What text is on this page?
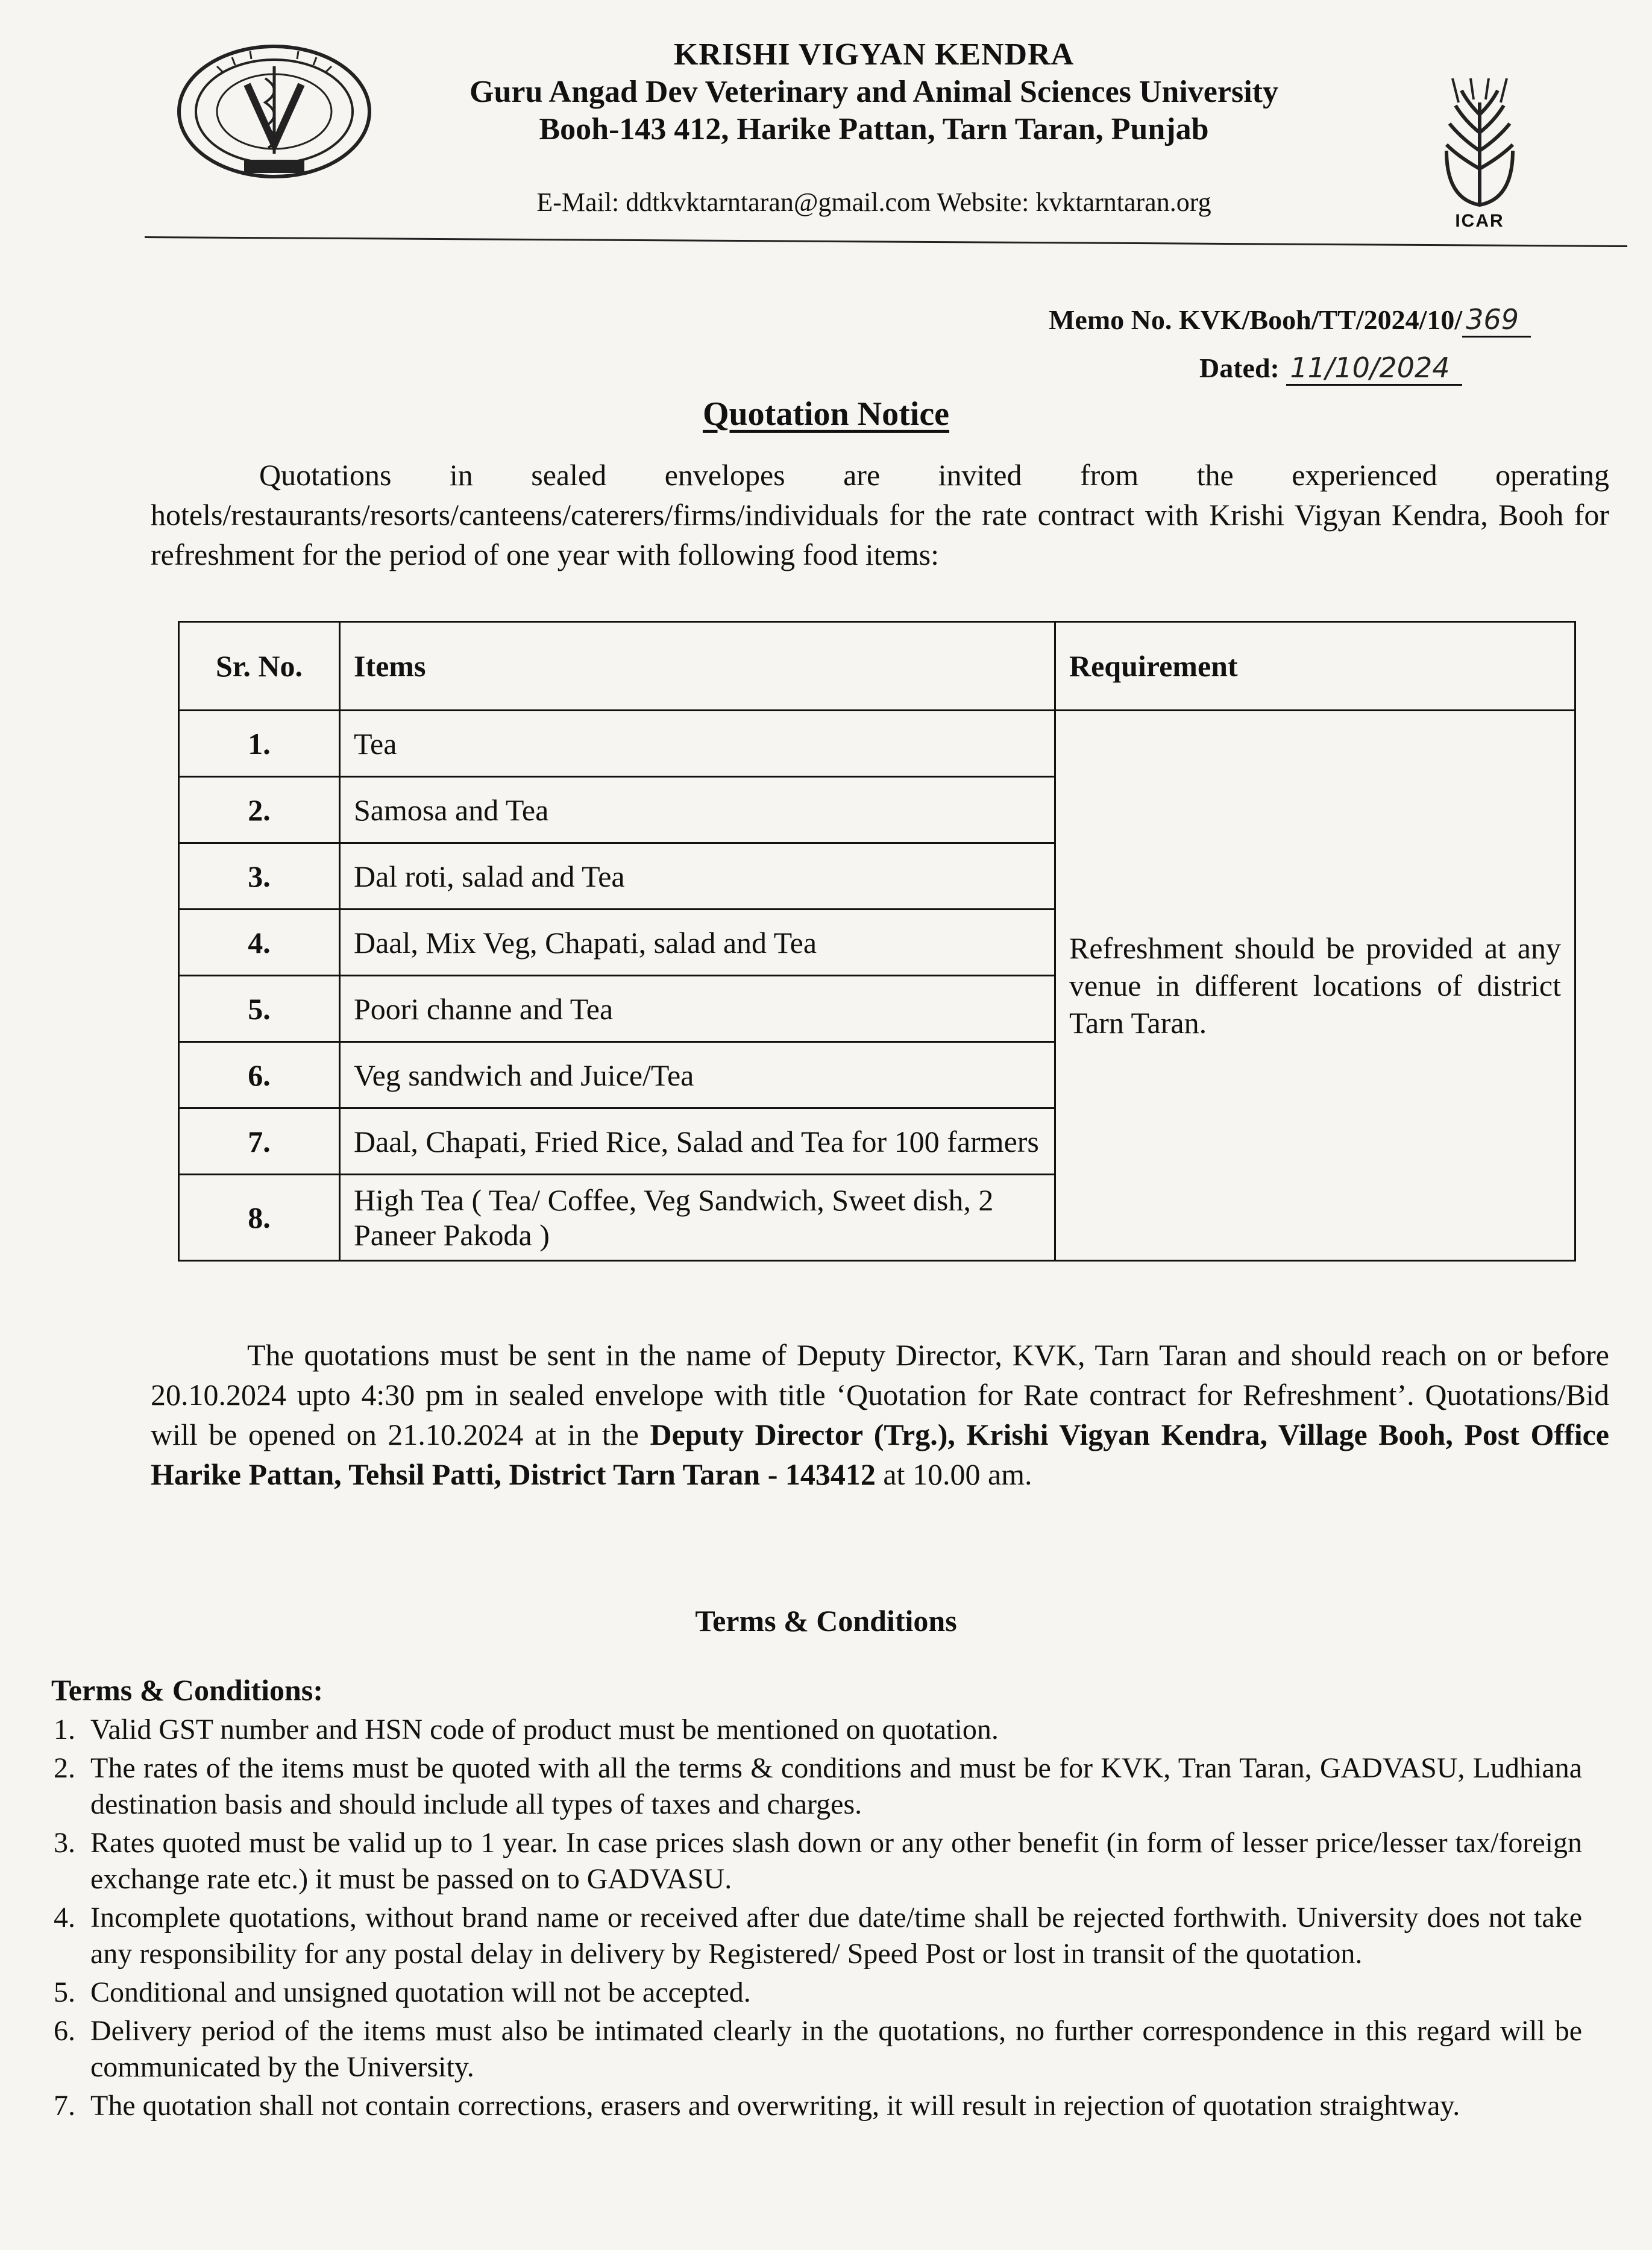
KRISHI VIGYAN KENDRA
Guru Angad Dev Veterinary and Animal Sciences University
Booh-143 412, Harike Pattan, Tarn Taran, Punjab
E-Mail: ddtkvktarntaran@gmail.com Website: kvktarntaran.org
ICAR
Memo No. KVK/Booh/TT/2024/10/ 369
Dated: 11/10/2024
Quotation Notice
Quotations in sealed envelopes are invited from the experienced operating hotels/restaurants/resorts/canteens/caterers/firms/individuals for the rate contract with Krishi Vigyan Kendra, Booh for refreshment for the period of one year with following food items:
Sr. No.	Items	Requirement
1.	Tea	Refreshment should be provided at any venue in different locations of district Tarn Taran.
2.	Samosa and Tea	
3.	Dal roti, salad and Tea	
4.	Daal, Mix Veg, Chapati, salad and Tea	
5.	Poori channe and Tea	
6.	Veg sandwich and Juice/Tea	
7.	Daal, Chapati, Fried Rice, Salad and Tea for 100 farmers	
8.	High Tea ( Tea/ Coffee, Veg Sandwich, Sweet dish, 2 Paneer Pakoda )	
The quotations must be sent in the name of Deputy Director, KVK, Tarn Taran and should reach on or before 20.10.2024 upto 4:30 pm in sealed envelope with title ‘Quotation for Rate contract for Refreshment’. Quotations/Bid will be opened on 21.10.2024 at in the Deputy Director (Trg.), Krishi Vigyan Kendra, Village Booh, Post Office Harike Pattan, Tehsil Patti, District Tarn Taran - 143412 at 10.00 am.
Terms & Conditions
Terms & Conditions:
1. Valid GST number and HSN code of product must be mentioned on quotation.
2. The rates of the items must be quoted with all the terms & conditions and must be for KVK, Tran Taran, GADVASU, Ludhiana destination basis and should include all types of taxes and charges.
3. Rates quoted must be valid up to 1 year. In case prices slash down or any other benefit (in form of lesser price/lesser tax/foreign exchange rate etc.) it must be passed on to GADVASU.
4. Incomplete quotations, without brand name or received after due date/time shall be rejected forthwith. University does not take any responsibility for any postal delay in delivery by Registered/ Speed Post or lost in transit of the quotation.
5. Conditional and unsigned quotation will not be accepted.
6. Delivery period of the items must also be intimated clearly in the quotations, no further correspondence in this regard will be communicated by the University.
7. The quotation shall not contain corrections, erasers and overwriting, it will result in rejection of quotation straightway.
